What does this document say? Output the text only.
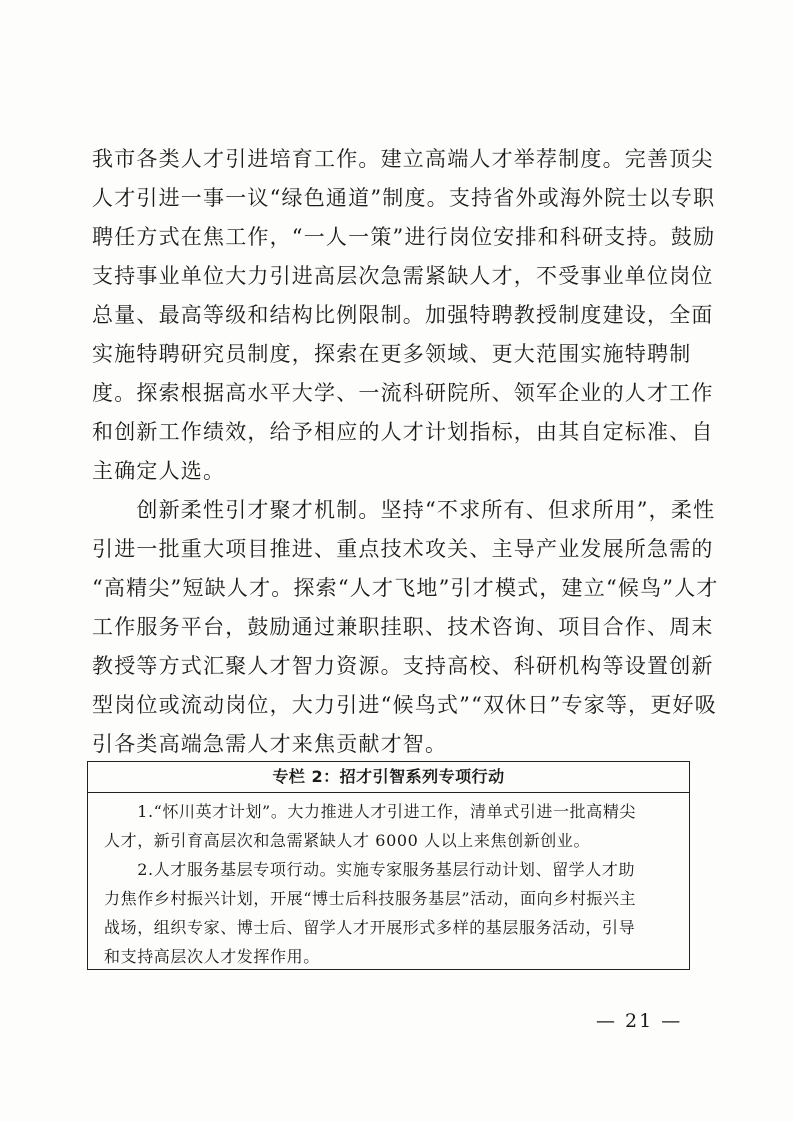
我市各类人才引进培育工作。建立高端人才举荐制度。完善顶尖
人才引进一事一议“绿色通道”制度。支持省外或海外院士以专职
聘任方式在焦工作，“一人一策”进行岗位安排和科研支持。鼓励
支持事业单位大力引进高层次急需紧缺人才，不受事业单位岗位
总量、最高等级和结构比例限制。加强特聘教授制度建设，全面
实施特聘研究员制度，探索在更多领域、更大范围实施特聘制
度。探索根据高水平大学、一流科研院所、领军企业的人才工作
和创新工作绩效，给予相应的人才计划指标，由其自定标准、自
主确定人选。
　　创新柔性引才聚才机制。坚持“不求所有、但求所用”，柔性
引进一批重大项目推进、重点技术攻关、主导产业发展所急需的
“高精尖”短缺人才。探索“人才飞地”引才模式，建立“候鸟”人才
工作服务平台，鼓励通过兼职挂职、技术咨询、项目合作、周末
教授等方式汇聚人才智力资源。支持高校、科研机构等设置创新
型岗位或流动岗位，大力引进“候鸟式”“双休日”专家等，更好吸
引各类高端急需人才来焦贡献才智。
专栏 2：招才引智系列专项行动
　　1.“怀川英才计划”。大力推进人才引进工作，清单式引进一批高精尖
人才，新引育高层次和急需紧缺人才 6000 人以上来焦创新创业。
　　2.人才服务基层专项行动。实施专家服务基层行动计划、留学人才助
力焦作乡村振兴计划，开展“博士后科技服务基层”活动，面向乡村振兴主
战场，组织专家、博士后、留学人才开展形式多样的基层服务活动，引导
和支持高层次人才发挥作用。
— 21 —
